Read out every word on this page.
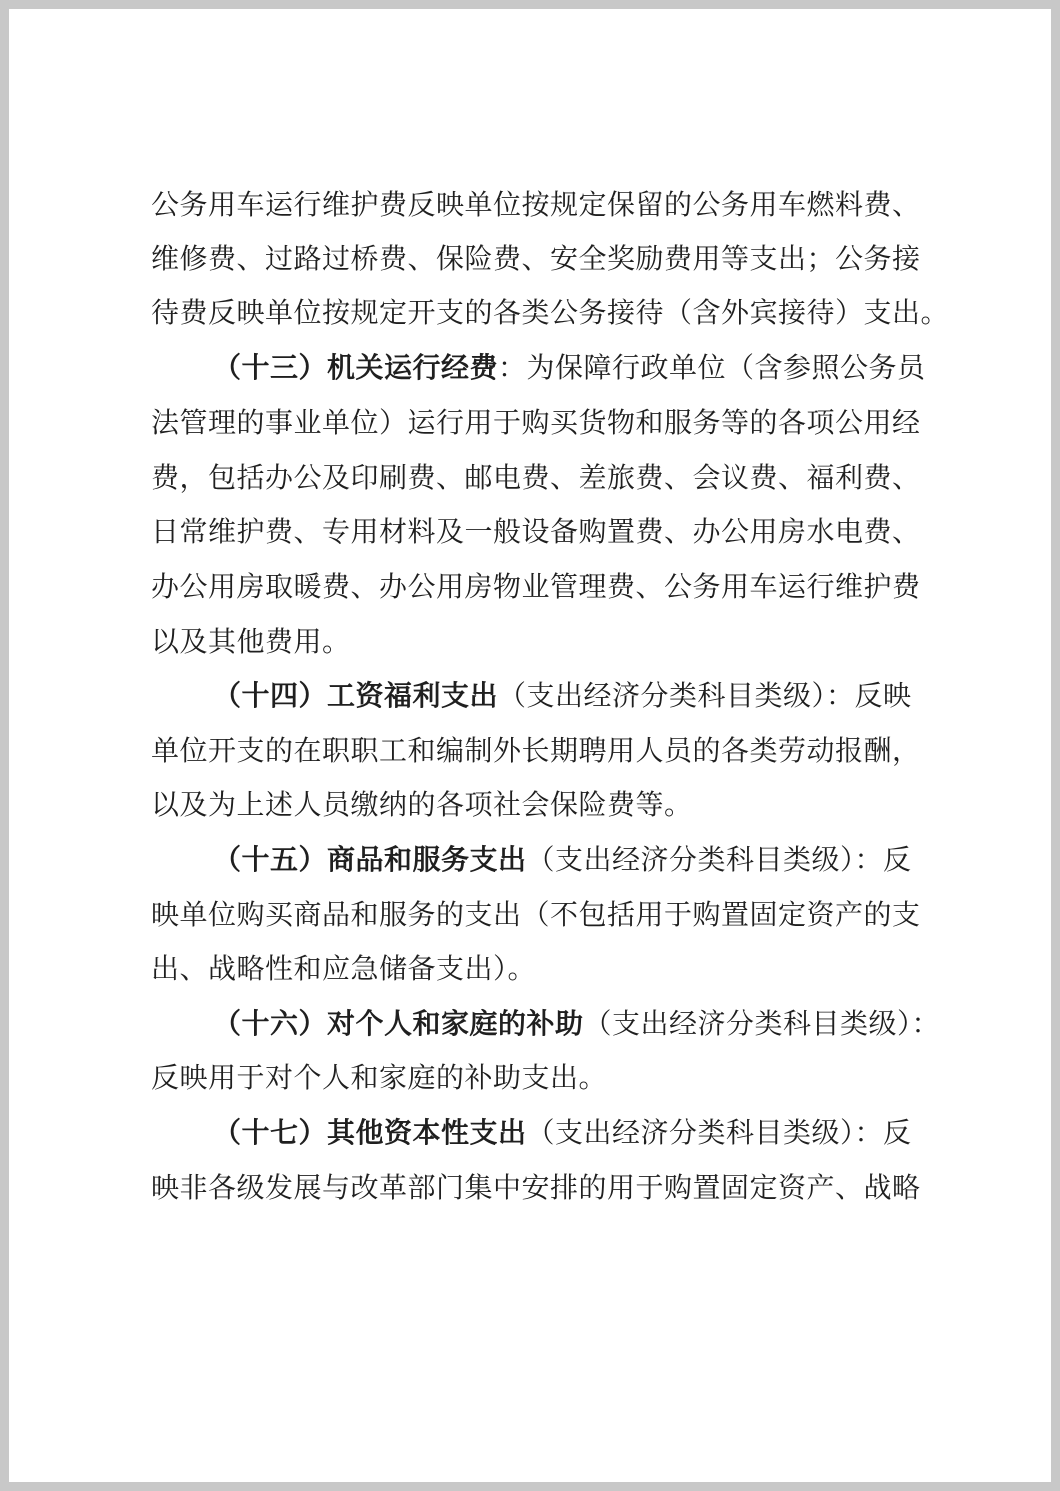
公务用车运行维护费反映单位按规定保留的公务用车燃料费、
维修费、过路过桥费、保险费、安全奖励费用等支出；公务接
待费反映单位按规定开支的各类公务接待（含外宾接待）支出。
（十三）机关运行经费：为保障行政单位（含参照公务员
法管理的事业单位）运行用于购买货物和服务等的各项公用经
费，包括办公及印刷费、邮电费、差旅费、会议费、福利费、
日常维护费、专用材料及一般设备购置费、办公用房水电费、
办公用房取暖费、办公用房物业管理费、公务用车运行维护费
以及其他费用。
（十四）工资福利支出（支出经济分类科目类级）：反映
单位开支的在职职工和编制外长期聘用人员的各类劳动报酬，
以及为上述人员缴纳的各项社会保险费等。
（十五）商品和服务支出（支出经济分类科目类级）：反
映单位购买商品和服务的支出（不包括用于购置固定资产的支
出、战略性和应急储备支出）。
（十六）对个人和家庭的补助（支出经济分类科目类级）：
反映用于对个人和家庭的补助支出。
（十七）其他资本性支出（支出经济分类科目类级）：反
映非各级发展与改革部门集中安排的用于购置固定资产、战略
